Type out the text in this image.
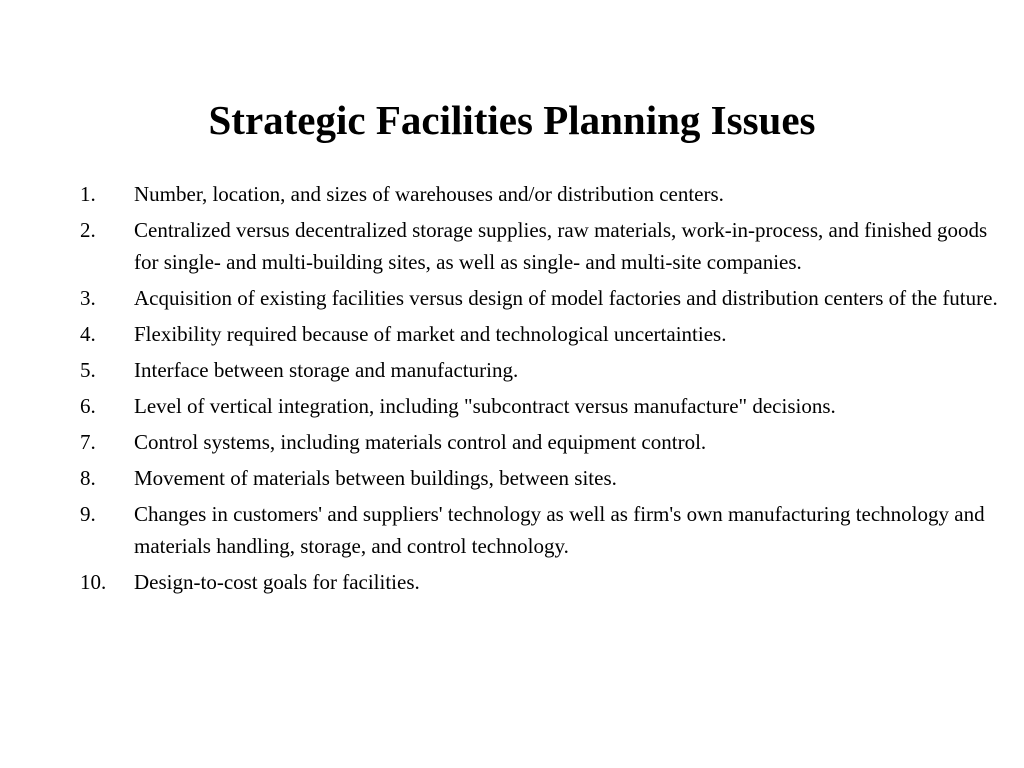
Strategic Facilities Planning Issues
1.	Number, location, and sizes of warehouses and/or distribution centers.
2.	Centralized versus decentralized storage supplies, raw materials, work-in-process, and finished goods for single- and multi-building sites, as well as single- and multi-site companies.
3.	Acquisition of existing facilities versus design of model factories and distribution centers of the future.
4.	Flexibility required because of market and technological uncertainties.
5.	Interface between storage and manufacturing.
6.	Level of vertical integration, including "subcontract versus manufacture" decisions.
7.	Control systems, including materials control and equipment control.
8.	Movement of materials between buildings, between sites.
9.	Changes in customers' and suppliers' technology as well as firm's own manufacturing technology and materials handling, storage, and control technology.
10.	Design-to-cost goals for facilities.
